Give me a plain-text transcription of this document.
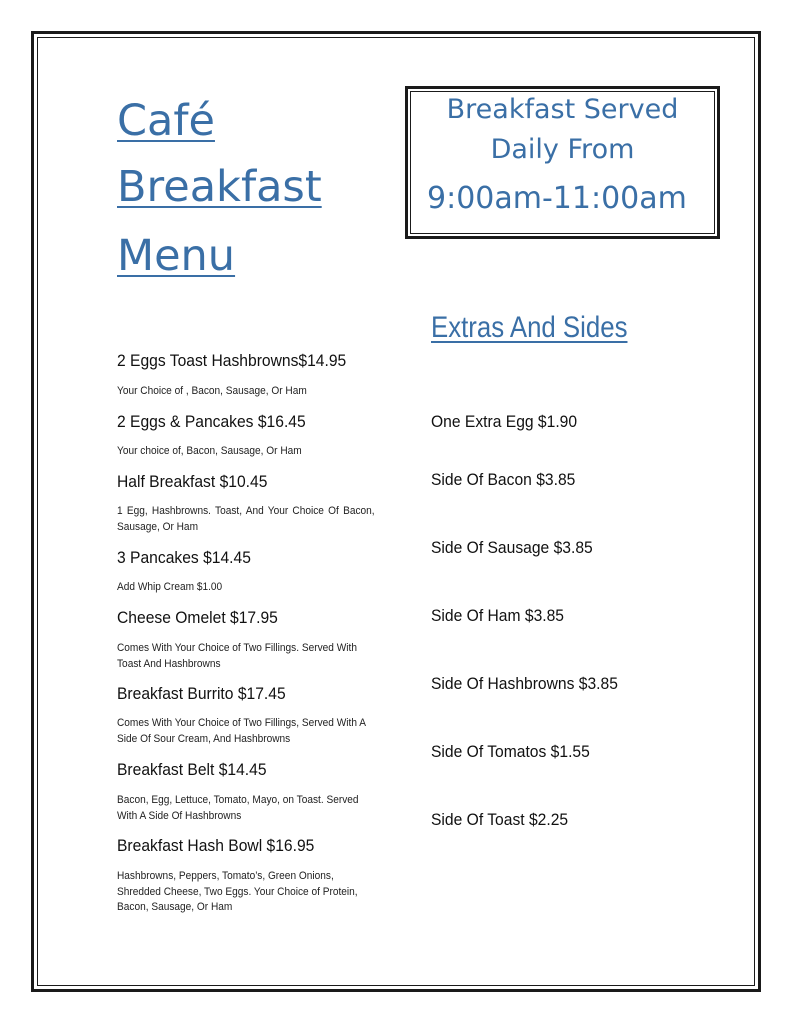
Café
Breakfast
Menu

Breakfast Served

Daily From

9:00am-11:00am

Extras And Sides

2 Eggs Toast Hashbrowns$14.95

Your Choice of , Bacon, Sausage, Or Ham

2 Eggs & Pancakes $16.45

Your choice of, Bacon, Sausage, Or Ham

Half Breakfast $10.45

1 Egg, Hashbrowns. Toast, And Your Choice Of Bacon, Sausage, Or Ham

3 Pancakes $14.45

Add Whip Cream $1.00

Cheese Omelet $17.95

Comes With Your Choice of Two Fillings. Served With Toast And Hashbrowns

Breakfast Burrito $17.45

Comes With Your Choice of Two Fillings, Served With A Side Of Sour Cream, And Hashbrowns

Breakfast Belt $14.45

Bacon, Egg, Lettuce, Tomato, Mayo, on Toast. Served With A Side Of Hashbrowns

Breakfast Hash Bowl $16.95

Hashbrowns, Peppers, Tomato’s, Green Onions, Shredded Cheese, Two Eggs. Your Choice of Protein, Bacon, Sausage, Or Ham

One Extra Egg $1.90

Side Of Bacon $3.85

Side Of Sausage $3.85

Side Of Ham $3.85

Side Of Hashbrowns $3.85

Side Of Tomatos $1.55

Side Of Toast $2.25
